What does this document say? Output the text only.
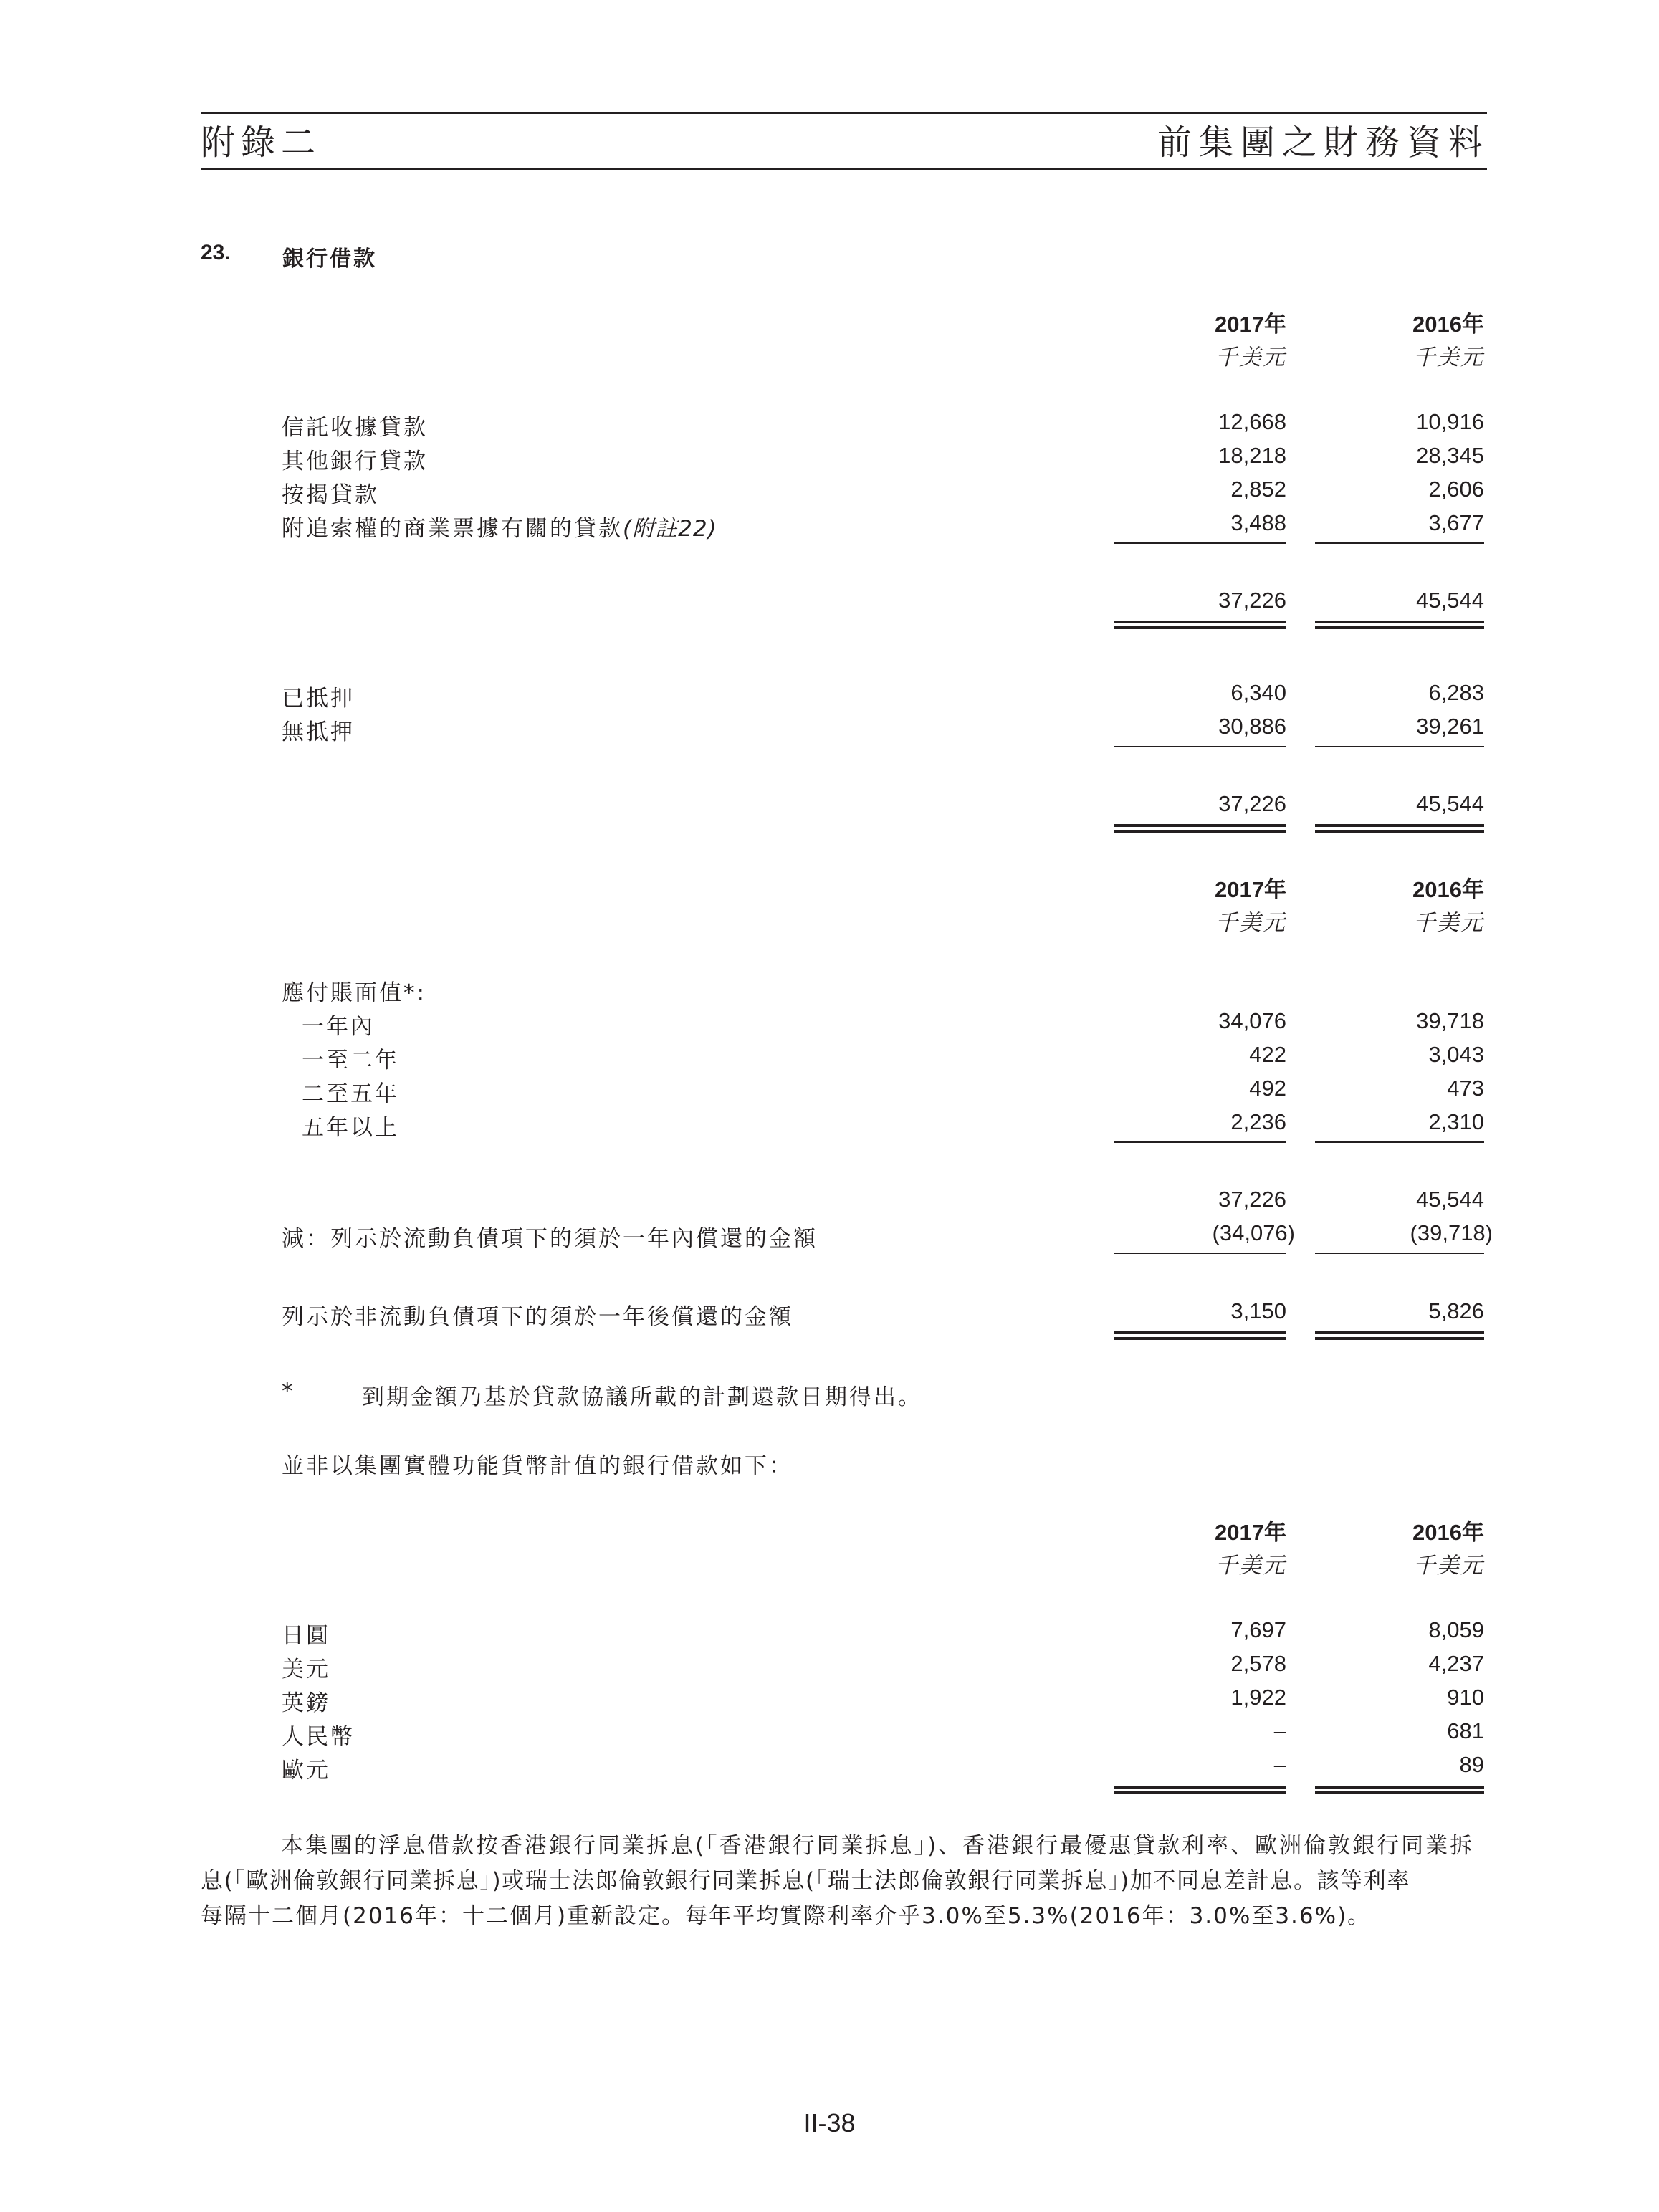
附錄二	前集團之財務資料
23. 銀行借款
2017年	2016年
千美元	千美元
信託收據貸款	12,668	10,916
其他銀行貸款	18,218	28,345
按揭貸款	2,852	2,606
附追索權的商業票據有關的貸款(附註22)	3,488	3,677
37,226	45,544
已抵押	6,340	6,283
無抵押	30,886	39,261
37,226	45,544
2017年	2016年
千美元	千美元
應付賬面值*:
一年內	34,076	39,718
一至二年	422	3,043
二至五年	492	473
五年以上	2,236	2,310
37,226	45,544
減：列示於流動負債項下的須於一年內償還的金額	(34,076)	(39,718)
列示於非流動負債項下的須於一年後償還的金額	3,150	5,826
*	到期金額乃基於貸款協議所載的計劃還款日期得出。
並非以集團實體功能貨幣計值的銀行借款如下：
2017年	2016年
千美元	千美元
日圓	7,697	8,059
美元	2,578	4,237
英鎊	1,922	910
人民幣	–	681
歐元	–	89
本集團的浮息借款按香港銀行同業拆息(「香港銀行同業拆息」)、香港銀行最優惠貸款利率、歐洲倫敦銀行同業拆
息(「歐洲倫敦銀行同業拆息」)或瑞士法郎倫敦銀行同業拆息(「瑞士法郎倫敦銀行同業拆息」)加不同息差計息。該等利率
每隔十二個月(2016年：十二個月)重新設定。每年平均實際利率介乎3.0%至5.3%(2016年：3.0%至3.6%)。
II-38
